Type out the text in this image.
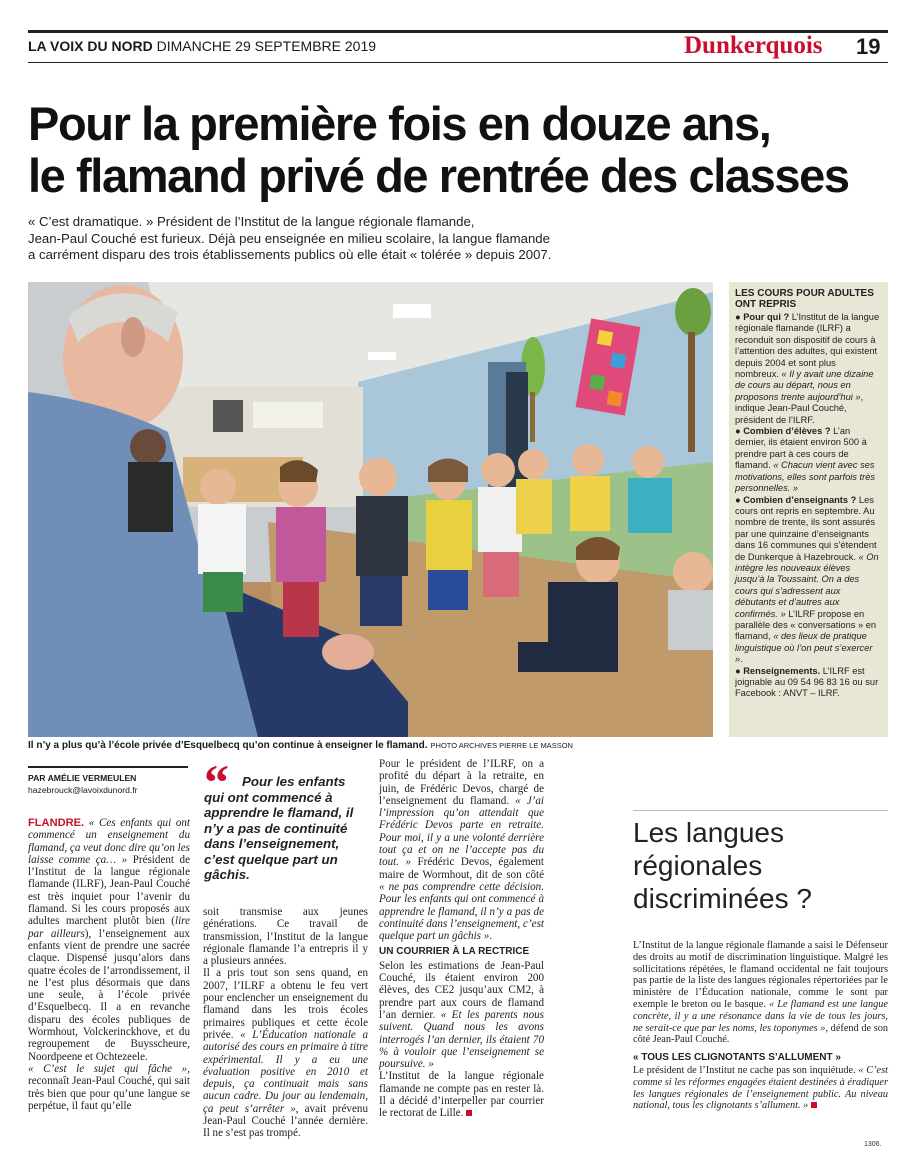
LA VOIX DU NORD DIMANCHE 29 SEPTEMBRE 2019	Dunkerquois 19
Pour la première fois en douze ans,
le flamand privé de rentrée des classes
« C’est dramatique. » Président de l’Institut de la langue régionale flamande,
Jean-Paul Couché est furieux. Déjà peu enseignée en milieu scolaire, la langue flamande
a carrément disparu des trois établissements publics où elle était « tolérée » depuis 2007.
Il n’y a plus qu’à l’école privée d’Esquelbecq qu’on continue à enseigner le flamand. PHOTO ARCHIVES PIERRE LE MASSON
LES COURS POUR ADULTES ONT REPRIS

● Pour qui ? L’Institut de la langue régionale flamande (ILRF) a reconduit son dispositif de cours à l’attention des adultes, qui existent depuis 2004 et sont plus nombreux. « Il y avait une dizaine de cours au départ, nous en proposons trente aujourd’hui », indique Jean-Paul Couché, président de l’ILRF.

● Combien d’élèves ? L’an dernier, ils étaient environ 500 à prendre part à ces cours de flamand. « Chacun vient avec ses motivations, elles sont parfois très personnelles. »

● Combien d’enseignants ? Les cours ont repris en septembre. Au nombre de trente, ils sont assurés par une quinzaine d’enseignants dans 16 communes qui s’étendent de Dunkerque à Hazebrouck. « On intègre les nouveaux élèves jusqu’à la Toussaint. On a des cours qui s’adressent aux débutants et d’autres aux confirmés. » L’ILRF propose en parallèle des « conversations » en flamand, « des lieux de pratique linguistique où l’on peut s’exercer ».

● Renseignements. L’ILRF est joignable au 09 54 96 83 16 ou sur Facebook : ANVT – ILRF.

PAR AMÉLIE VERMEULEN
hazebrouck@lavoixdunord.fr

FLANDRE. « Ces enfants qui ont commencé un enseignement du flamand, ça veut donc dire qu’on les laisse comme ça… » Président de l’Institut de la langue régionale flamande (ILRF), Jean-Paul Couché est très inquiet pour l’avenir du flamand. Si les cours proposés aux adultes marchent plutôt bien (lire par ailleurs), l’enseignement aux enfants vient de prendre une sacrée claque. Dispensé jusqu’alors dans quatre écoles de l’arrondissement, il ne l’est plus désormais que dans une seule, à l’école privée d’Esquelbecq. Il a en revanche disparu des écoles publiques de Wormhout, Volckerinckhove, et du regroupement de Buysscheure, Noordpeene et Ochtezeele.

« C’est le sujet qui fâche », reconnaît Jean-Paul Couché, qui sait très bien que pour qu’une langue se perpétue, il faut qu’elle

“ Pour les enfants qui ont commencé à apprendre le flamand, il n’y a pas de continuité dans l’enseignement, c’est quelque part un gâchis.

soit transmise aux jeunes générations. Ce travail de transmission, l’Institut de la langue régionale flamande l’a entrepris il y a plusieurs années.

Il a pris tout son sens quand, en 2007, l’ILRF a obtenu le feu vert pour enclencher un enseignement du flamand dans les trois écoles primaires publiques et cette école privée. « L’Éducation nationale a autorisé des cours en primaire à titre expérimental. Il y a eu une évaluation positive en 2010 et depuis, ça continuait mais sans aucun cadre. Du jour au lendemain, ça peut s’arrêter », avait prévenu Jean-Paul Couché l’année dernière. Il ne s’est pas trompé.

Pour le président de l’ILRF, on a profité du départ à la retraite, en juin, de Frédéric Devos, chargé de l’enseignement du flamand. « J’ai l’impression qu’on attendait que Frédéric Devos parte en retraite. Pour moi, il y a une volonté derrière tout ça et on ne l’accepte pas du tout. » Frédéric Devos, également maire de Wormhout, dit de son côté « ne pas comprendre cette décision. Pour les enfants qui ont commencé à apprendre le flamand, il n’y a pas de continuité dans l’enseignement, c’est quelque part un gâchis ».

UN COURRIER À LA RECTRICE

Selon les estimations de Jean-Paul Couché, ils étaient environ 200 élèves, des CE2 jusqu’aux CM2, à prendre part aux cours de flamand l’an dernier. « Et les parents nous suivent. Quand nous les avons interrogés l’an dernier, ils étaient 70 % à vouloir que l’enseignement se poursuive. »

L’Institut de la langue régionale flamande ne compte pas en rester là. Il a décidé d’interpeller par courrier le rectorat de Lille.

Les langues régionales discriminées ?

L’Institut de la langue régionale flamande a saisi le Défenseur des droits au motif de discrimination linguistique. Malgré les sollicitations répétées, le flamand occidental ne fait toujours pas partie de la liste des langues régionales répertoriées par le ministère de l’Éducation nationale, comme le sont par exemple le breton ou le basque. « Le flamand est une langue concrète, il y a une résonance dans la vie de tous les jours, ne serait-ce que par les noms, les toponymes », défend de son côté Jean-Paul Couché.

« TOUS LES CLIGNOTANTS S’ALLUMENT »

Le président de l’Institut ne cache pas son inquiétude. « C’est comme si les réformes engagées étaient destinées à éradiquer les langues régionales de l’enseignement public. Au niveau national, tous les clignotants s’allument. »

1306.
